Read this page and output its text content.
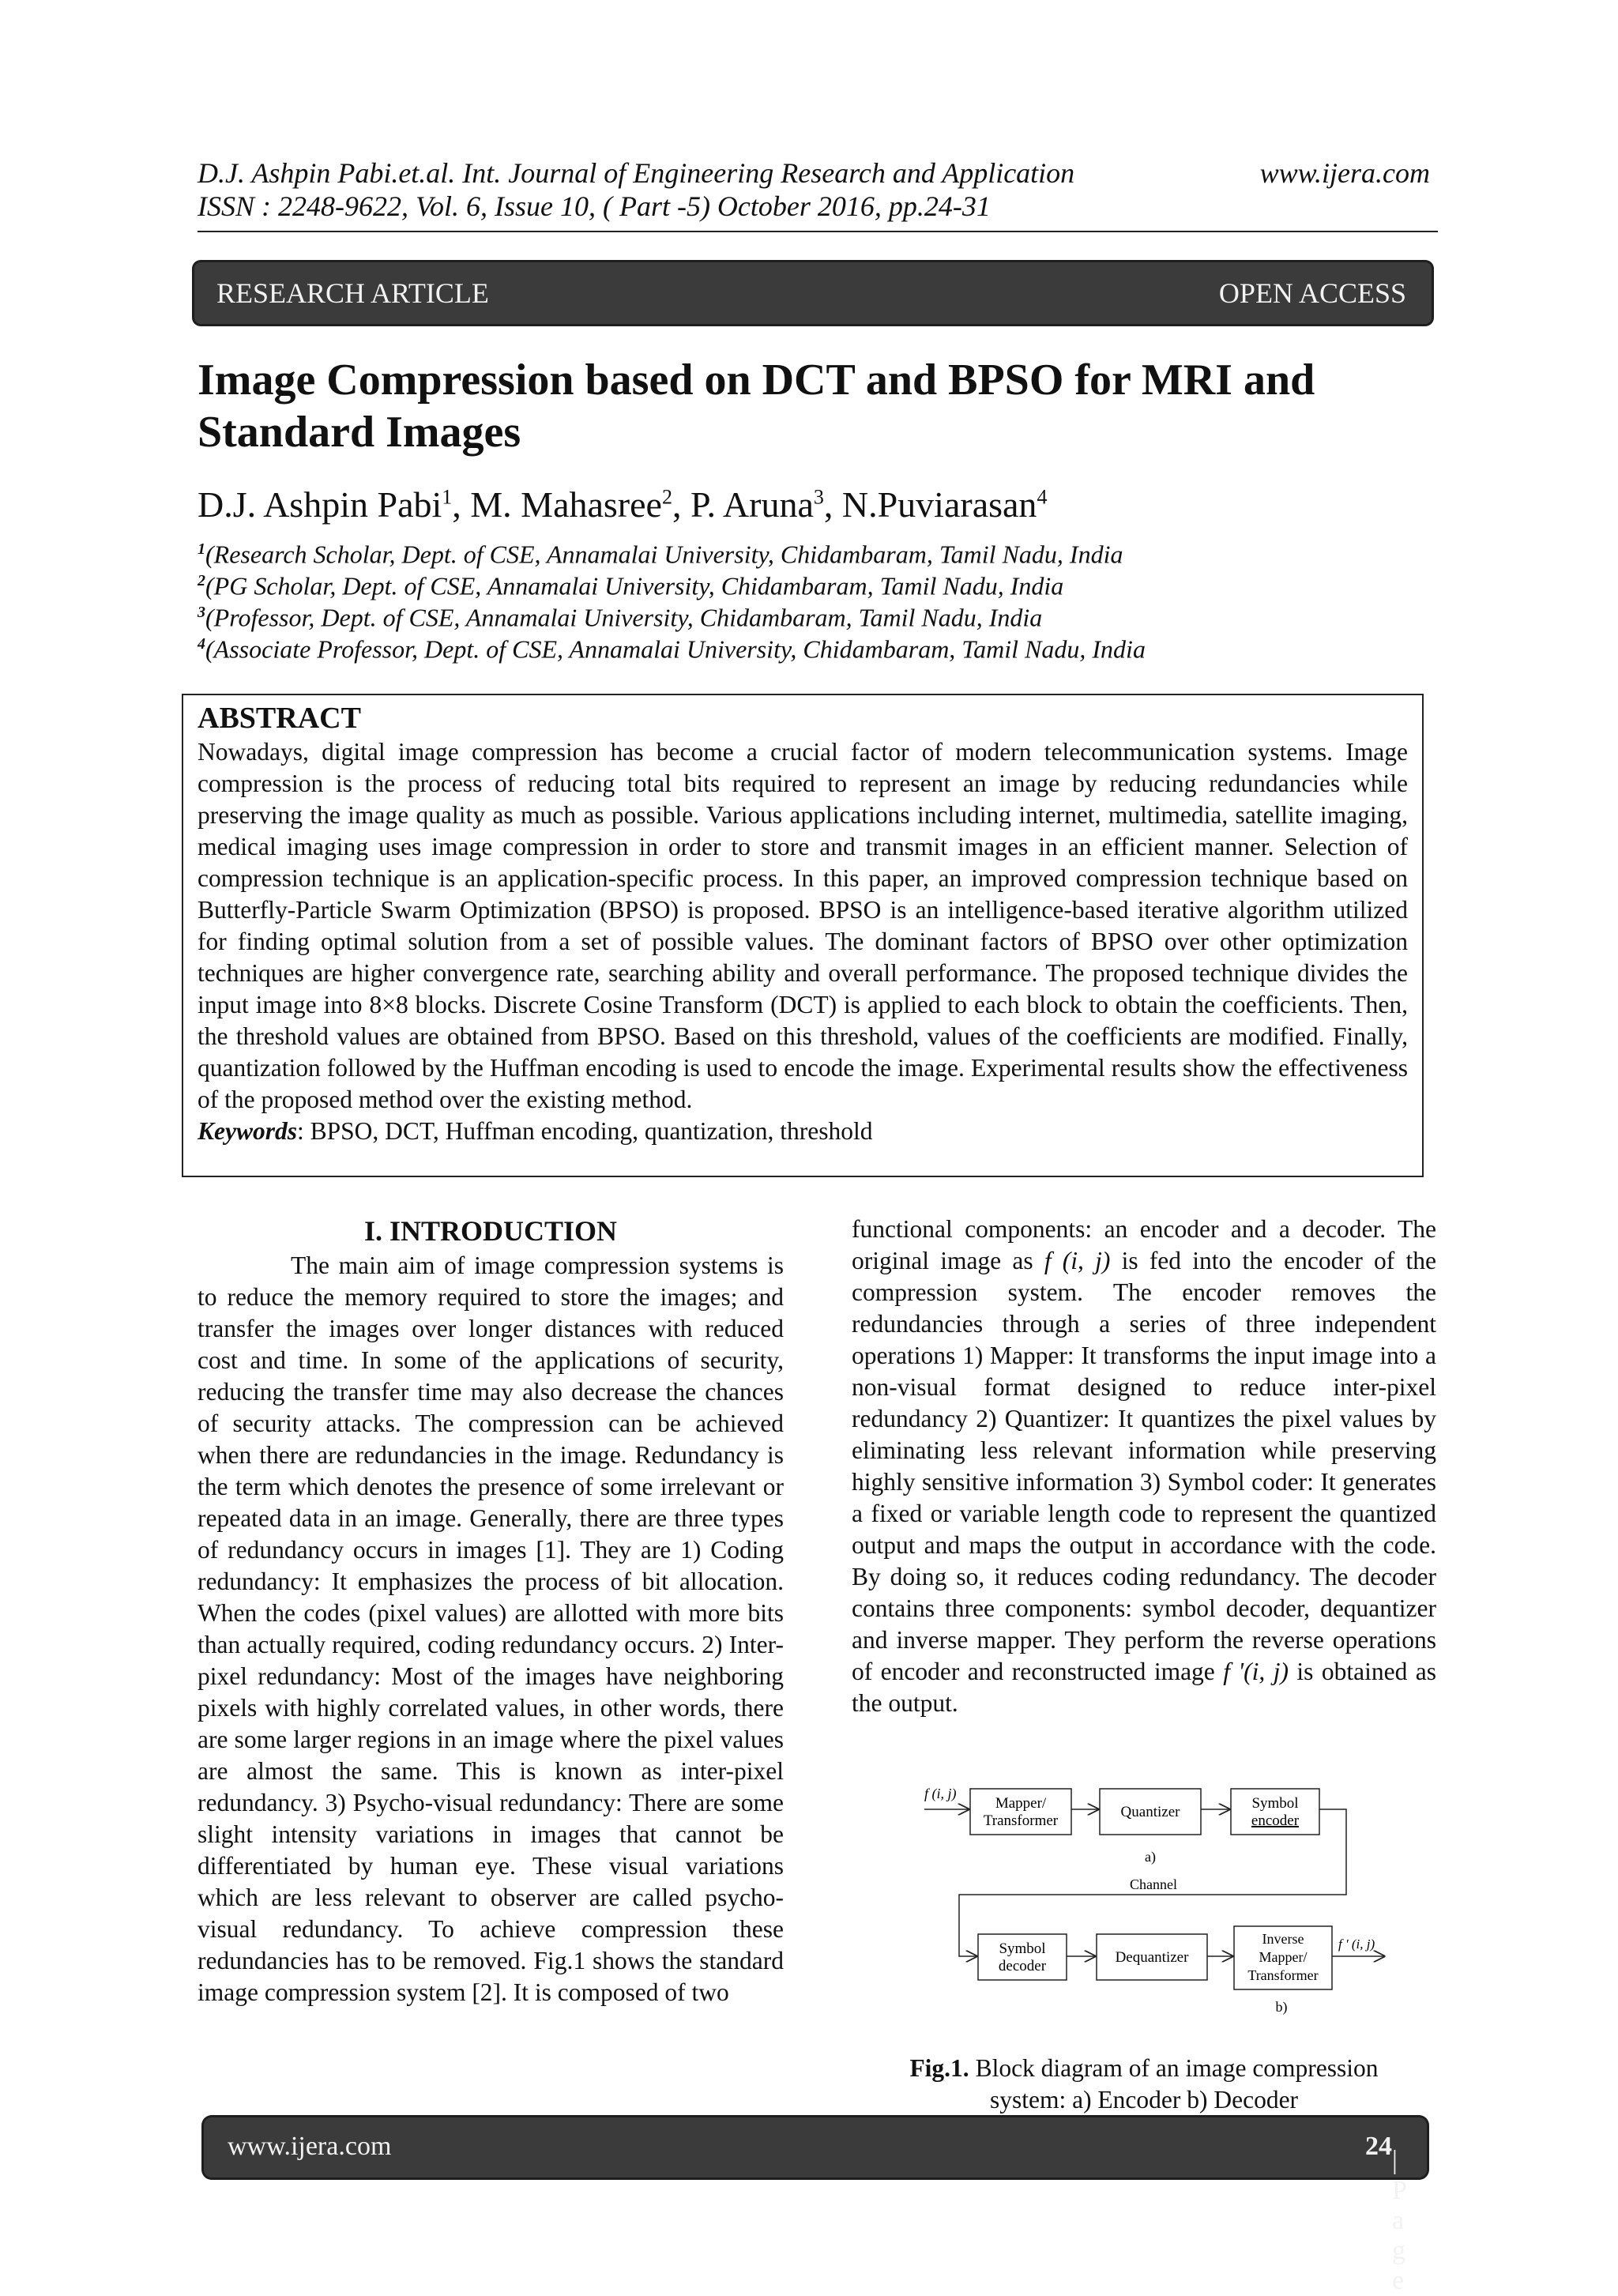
D.J. Ashpin Pabi.et.al. Int. Journal of Engineering Research and Application
ISSN : 2248-9622, Vol. 6, Issue 10, ( Part -5) October 2016, pp.24-31
www.ijera.com
RESEARCH ARTICLE	OPEN ACCESS
Image Compression based on DCT and BPSO for MRI and
Standard Images
D.J. Ashpin Pabi$^1$, M. Mahasree$^2$, P. Aruna$^3$, N.Puviarasan$^4$
$^1$(Research Scholar, Dept. of CSE, Annamalai University, Chidambaram, Tamil Nadu, India
$^2$(PG Scholar, Dept. of CSE, Annamalai University, Chidambaram, Tamil Nadu, India
$^3$(Professor, Dept. of CSE, Annamalai University, Chidambaram, Tamil Nadu, India
$^4$(Associate Professor, Dept. of CSE, Annamalai University, Chidambaram, Tamil Nadu, India
ABSTRACT

Nowadays, digital image compression has become a crucial factor of modern telecommunication systems. Image compression is the process of reducing total bits required to represent an image by reducing redundancies while preserving the image quality as much as possible. Various applications including internet, multimedia, satellite imaging, medical imaging uses image compression in order to store and transmit images in an efficient manner. Selection of compression technique is an application-specific process. In this paper, an improved compression technique based on Butterfly-Particle Swarm Optimization (BPSO) is proposed. BPSO is an intelligence-based iterative algorithm utilized for finding optimal solution from a set of possible values. The dominant factors of BPSO over other optimization techniques are higher convergence rate, searching ability and overall performance. The proposed technique divides the input image into 8×8 blocks. Discrete Cosine Transform (DCT) is applied to each block to obtain the coefficients. Then, the threshold values are obtained from BPSO. Based on this threshold, values of the coefficients are modified. Finally, quantization followed by the Huffman encoding is used to encode the image. Experimental results show the effectiveness of the proposed method over the existing method.

Keywords: BPSO, DCT, Huffman encoding, quantization, threshold
I. INTRODUCTION

The main aim of image compression systems is to reduce the memory required to store the images; and transfer the images over longer distances with reduced cost and time. In some of the applications of security, reducing the transfer time may also decrease the chances of security attacks. The compression can be achieved when there are redundancies in the image. Redundancy is the term which denotes the presence of some irrelevant or repeated data in an image. Generally, there are three types of redundancy occurs in images [1]. They are 1) Coding redundancy: It emphasizes the process of bit allocation. When the codes (pixel values) are allotted with more bits than actually required, coding redundancy occurs. 2) Inter-pixel redundancy: Most of the images have neighboring pixels with highly correlated values, in other words, there are some larger regions in an image where the pixel values are almost the same. This is known as inter-pixel redundancy. 3) Psycho-visual redundancy: There are some slight intensity variations in images that cannot be differentiated by human eye. These visual variations which are less relevant to observer are called psycho-visual redundancy. To achieve compression these redundancies has to be removed. Fig.1 shows the standard image compression system [2]. It is composed of two

functional components: an encoder and a decoder. The original image as f (i, j) is fed into the encoder of the compression system. The encoder removes the redundancies through a series of three independent operations 1) Mapper: It transforms the input image into a non-visual format designed to reduce inter-pixel redundancy 2) Quantizer: It quantizes the pixel values by eliminating less relevant information while preserving highly sensitive information 3) Symbol coder: It generates a fixed or variable length code to represent the quantized output and maps the output in accordance with the code. By doing so, it reduces coding redundancy. The decoder contains three components: symbol decoder, dequantizer and inverse mapper. They perform the reverse operations of encoder and reconstructed image f '(i, j) is obtained as the output.

f (i, j)
Mapper/
Transformer
Quantizer
Symbol
encoder
a)
Channel
Symbol
decoder
Dequantizer
Inverse
Mapper/
Transformer
f ' (i, j)
b)
Fig.1. Block diagram of an image compression
system: a) Encoder b) Decoder
www.ijera.com	24 | P a g e
